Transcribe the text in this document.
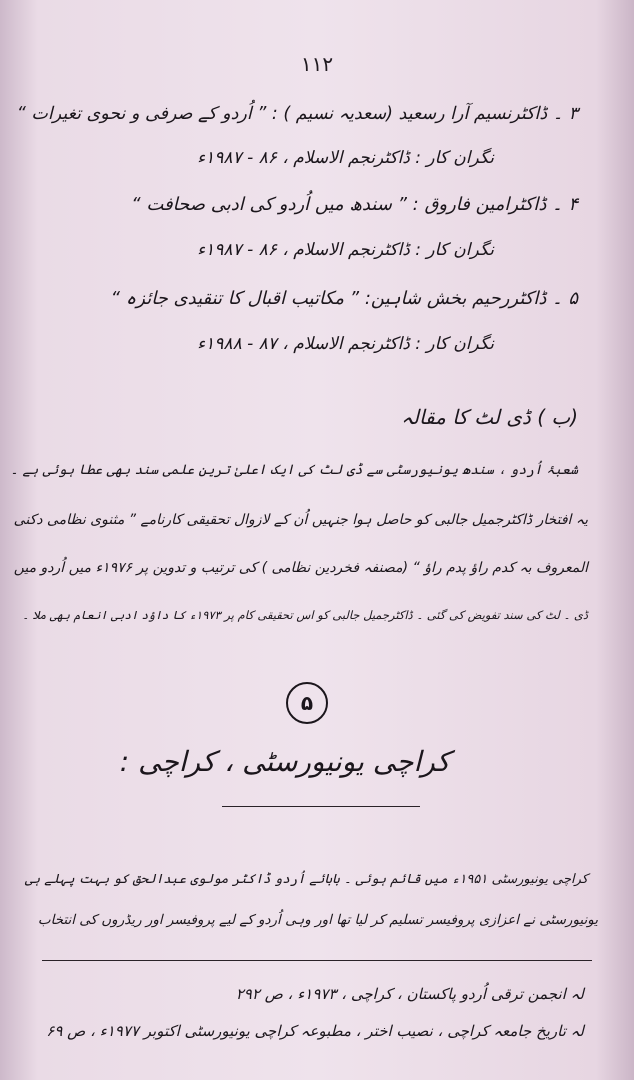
۱۱۲
۳ ۔ ڈاکٹرنسیم آرا رسعید (سعدیہ نسیم ) : ” اُردو کے صرفی و نحوی تغیرات “
نگران کار : ڈاکٹرنجم الاسلام ، ۸۶ - ۱۹۸۷ء
۴ ۔ ڈاکٹرامین فاروق : ” سندھ میں اُردو کی ادبی صحافت “
نگران کار : ڈاکٹرنجم الاسلام ، ۸۶ - ۱۹۸۷ء
۵ ۔ ڈاکٹررحیم بخش شاہین: ” مکاتیب اقبال کا تنقیدی جائزہ “
نگران کار : ڈاکٹرنجم الاسلام ، ۸۷ - ۱۹۸۸ء
(ب ) ڈی لٹ کا مقالہ
شعبۂ اُردو ، سندھ یونیورسٹی سے ڈی لٹ کی ایک اعلیٰ ترین علمی سند بھی عطا ہوئی ہے ۔
یہ افتخار ڈاکٹرجمیل جالبی کو حاصل ہوا جنہیں اُن کے لازوال تحقیقی کارنامے ” مثنوی نظامی دکنی
المعروف بہ کدم راؤ پدم راؤ “ (مصنفہ فخردین نظامی ) کی ترتیب و تدوین پر ۱۹۷۶ء میں اُردو میں
ڈی ۔ لٹ کی سند تفویض کی گئی ۔ ڈاکٹرجمیل جالبی کو اس تحقیقی کام پر ۱۹۷۳ء کا داؤد ادبی انعام بھی ملا ۔
۵
کراچی یونیورسٹی ، کراچی :
کراچی یونیورسٹی ۱۹۵۱ء میں قائم ہوئی ۔ بابائے اُردو ڈاکٹر مولوی عبدالحق کو بہت پہلے ہی
یونیورسٹی نے اعزازی پروفیسر تسلیم کر لیا تھا اور وہی اُردو کے لیے پروفیسر اور ریڈروں کی انتخاب
لہ انجمن ترقی اُردو پاکستان ، کراچی ، ۱۹۷۳ء ، ص ۲۹۲
لہ تاریخ جامعہ کراچی ، نصیب اختر ، مطبوعہ کراچی یونیورسٹی اکتوبر ۱۹۷۷ء ، ص ۶۹
